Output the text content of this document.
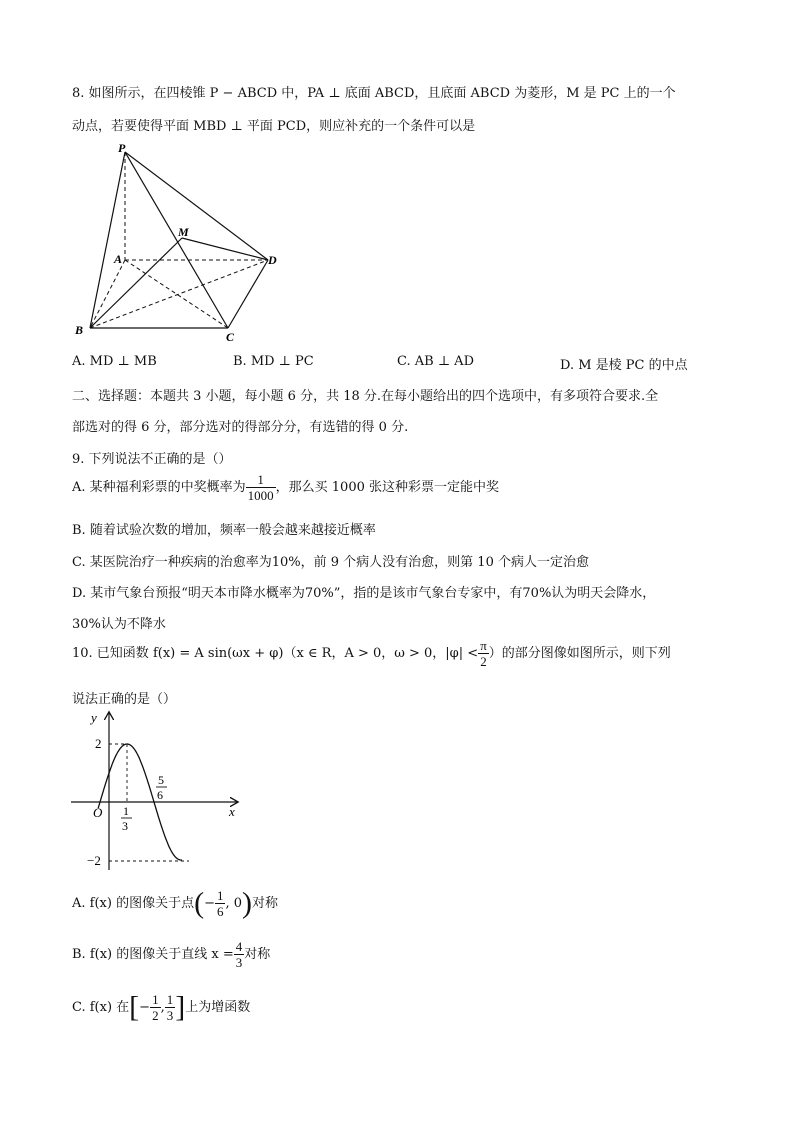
8. 如图所示，在四棱锥 P − ABCD 中，PA ⊥ 底面 ABCD，且底面 ABCD 为菱形，M 是 PC 上的一个
动点，若要使得平面 MBD ⊥ 平面 PCD，则应补充的一个条件可以是
P
A
B	C
D
M
A. MD ⊥ MB	B. MD ⊥ PC	C. AB ⊥ AD	D. M 是棱 PC 的中点
二、选择题：本题共 3 小题，每小题 6 分，共 18 分.在每小题给出的四个选项中，有多项符合要求.全
部选对的得 6 分，部分选对的得部分分，有选错的得 0 分.
9. 下列说法不正确的是（）
A. 某种福利彩票的中奖概率为 $\frac{1}{1000}$ ，那么买 1000 张这种彩票一定能中奖
B. 随着试验次数的增加，频率一般会越来越接近概率
C. 某医院治疗一种疾病的治愈率为10%，前 9 个病人没有治愈，则第 10 个病人一定治愈
D. 某市气象台预报“明天本市降水概率为70%”，指的是该市气象台专家中，有70%认为明天会降水，
30%认为不降水
10. 已知函数 f(x) = A sin(ωx + φ)（x ∈ R，A > 0，ω > 0，$|\varphi| < \frac{\pi}{2}$ ）的部分图像如图所示，则下列
说法正确的是（）
y
x
O
2
−2
1
3
5
6
A. f(x) 的图像关于点(− $\frac{1}{6}$ , 0)对称
B. f(x) 的图像关于直线 $x = \frac{4}{3}$ 对称
C. f(x) 在[− $\frac{1}{2}$ , $\frac{1}{3}$ ]上为增函数
